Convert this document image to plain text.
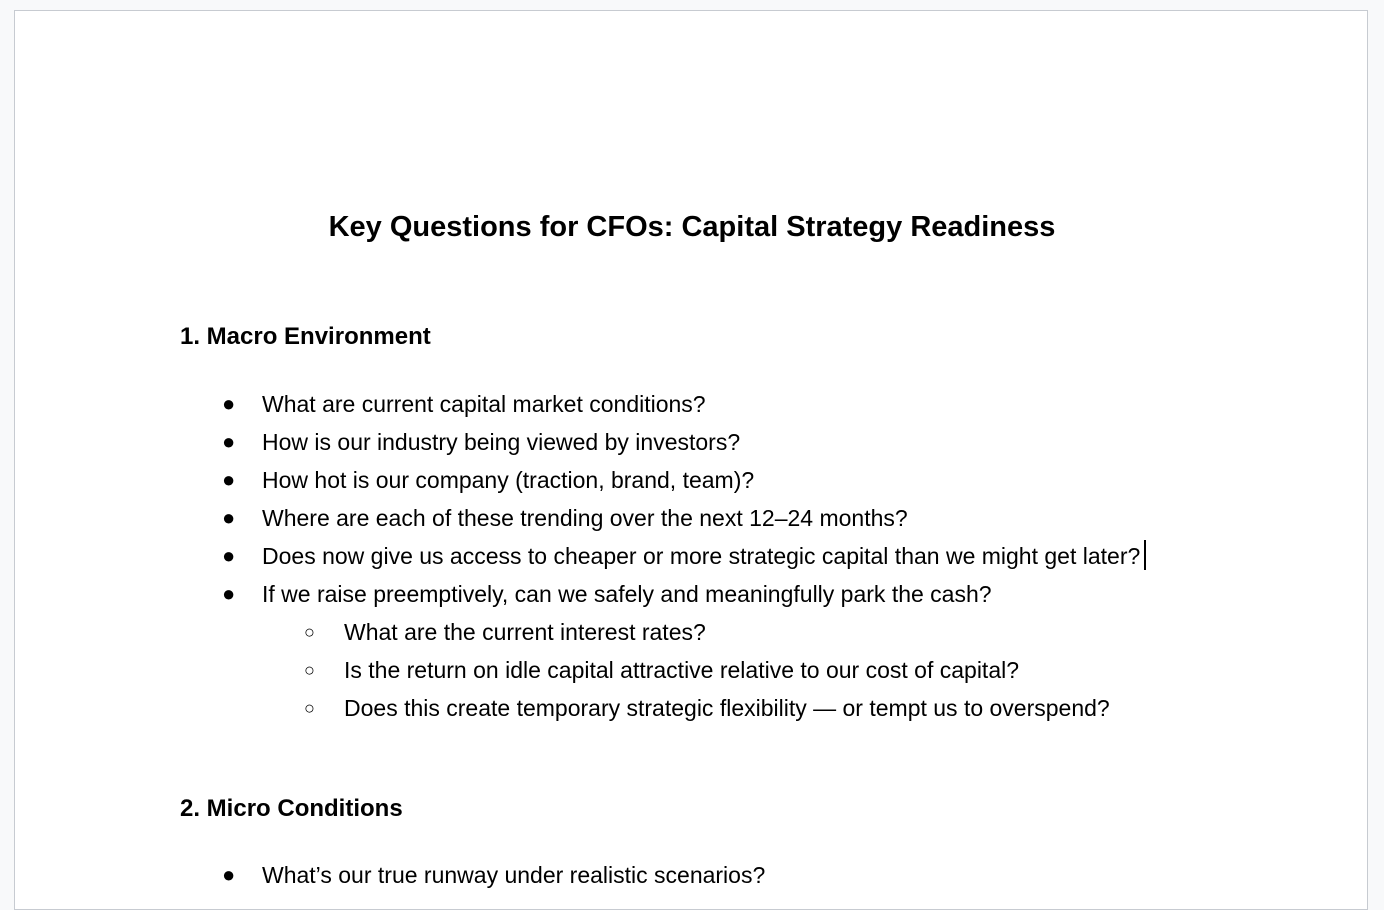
Key Questions for CFOs: Capital Strategy Readiness
1. Macro Environment
● What are current capital market conditions?
● How is our industry being viewed by investors?
● How hot is our company (traction, brand, team)?
● Where are each of these trending over the next 12–24 months?
● Does now give us access to cheaper or more strategic capital than we might get later?
● If we raise preemptively, can we safely and meaningfully park the cash?
○ What are the current interest rates?
○ Is the return on idle capital attractive relative to our cost of capital?
○ Does this create temporary strategic flexibility — or tempt us to overspend?
2. Micro Conditions
● What’s our true runway under realistic scenarios?
